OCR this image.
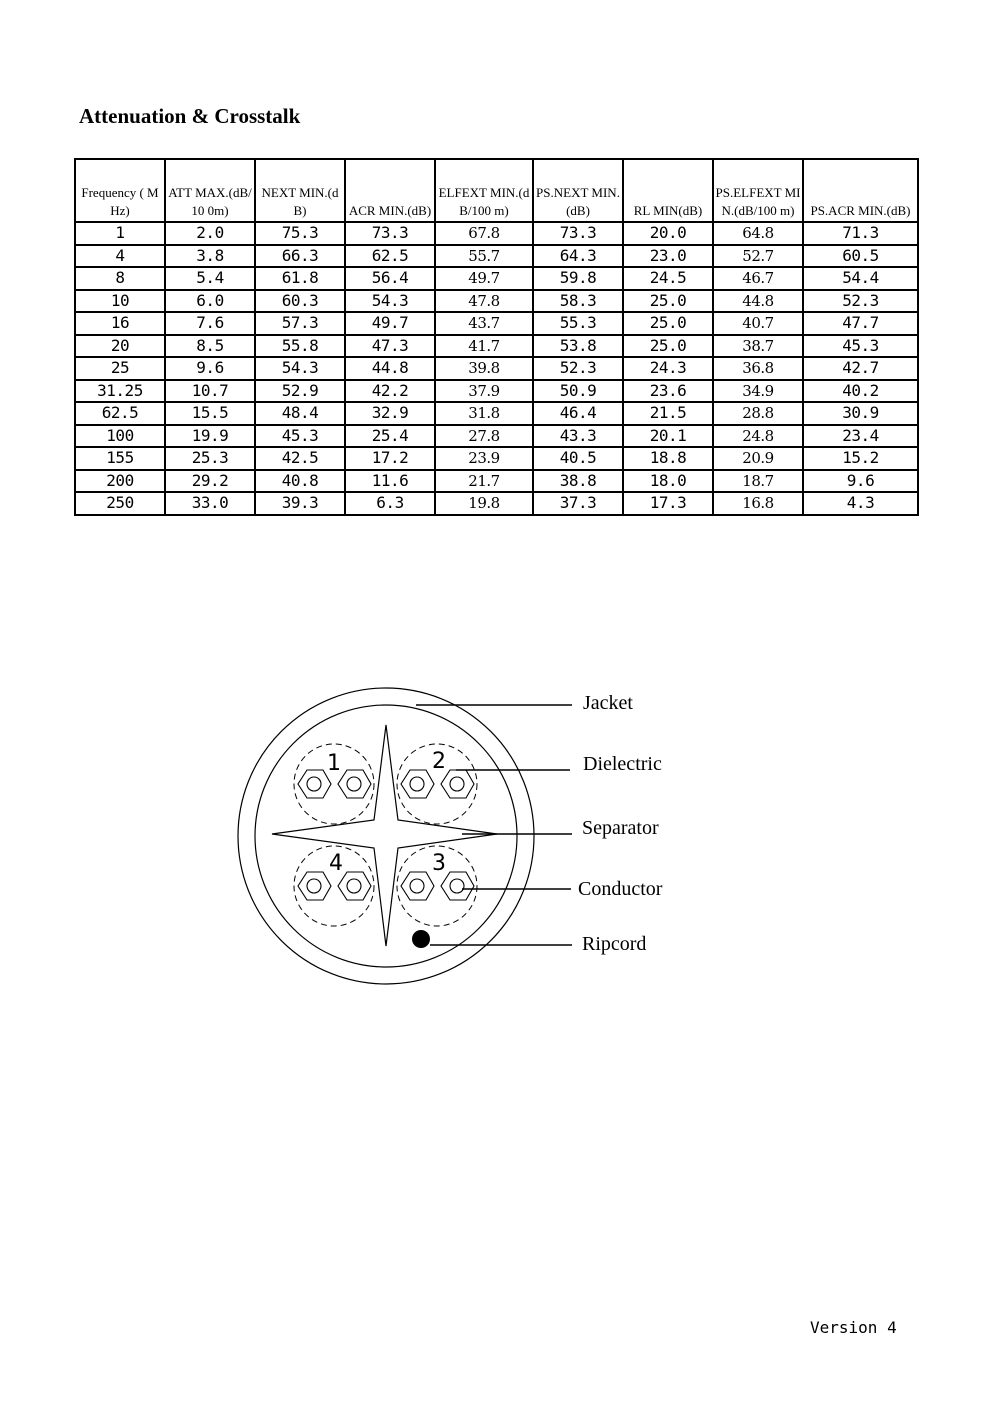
Attenuation & Crosstalk
Frequency ( MHz)	ATT MAX.(dB/10 0m)	NEXT MIN.(dB)	ACR MIN.(dB)	ELFEXT MIN.(dB/100 m)	PS.NEXT MIN.(dB)	RL MIN(dB)	PS.ELFEXT MIN.(dB/100 m)	PS.ACR MIN.(dB)
1	2.0	75.3	73.3	67.8	73.3	20.0	64.8	71.3
4	3.8	66.3	62.5	55.7	64.3	23.0	52.7	60.5
8	5.4	61.8	56.4	49.7	59.8	24.5	46.7	54.4
10	6.0	60.3	54.3	47.8	58.3	25.0	44.8	52.3
16	7.6	57.3	49.7	43.7	55.3	25.0	40.7	47.7
20	8.5	55.8	47.3	41.7	53.8	25.0	38.7	45.3
25	9.6	54.3	44.8	39.8	52.3	24.3	36.8	42.7
31.25	10.7	52.9	42.2	37.9	50.9	23.6	34.9	40.2
62.5	15.5	48.4	32.9	31.8	46.4	21.5	28.8	30.9
100	19.9	45.3	25.4	27.8	43.3	20.1	24.8	23.4
155	25.3	42.5	17.2	23.9	40.5	18.8	20.9	15.2
200	29.2	40.8	11.6	21.7	38.8	18.0	18.7	9.6
250	33.0	39.3	6.3	19.8	37.3	17.3	16.8	4.3
1	2
3
4
Jacket
Dielectric
Separator
Conductor
Ripcord
Version 4
